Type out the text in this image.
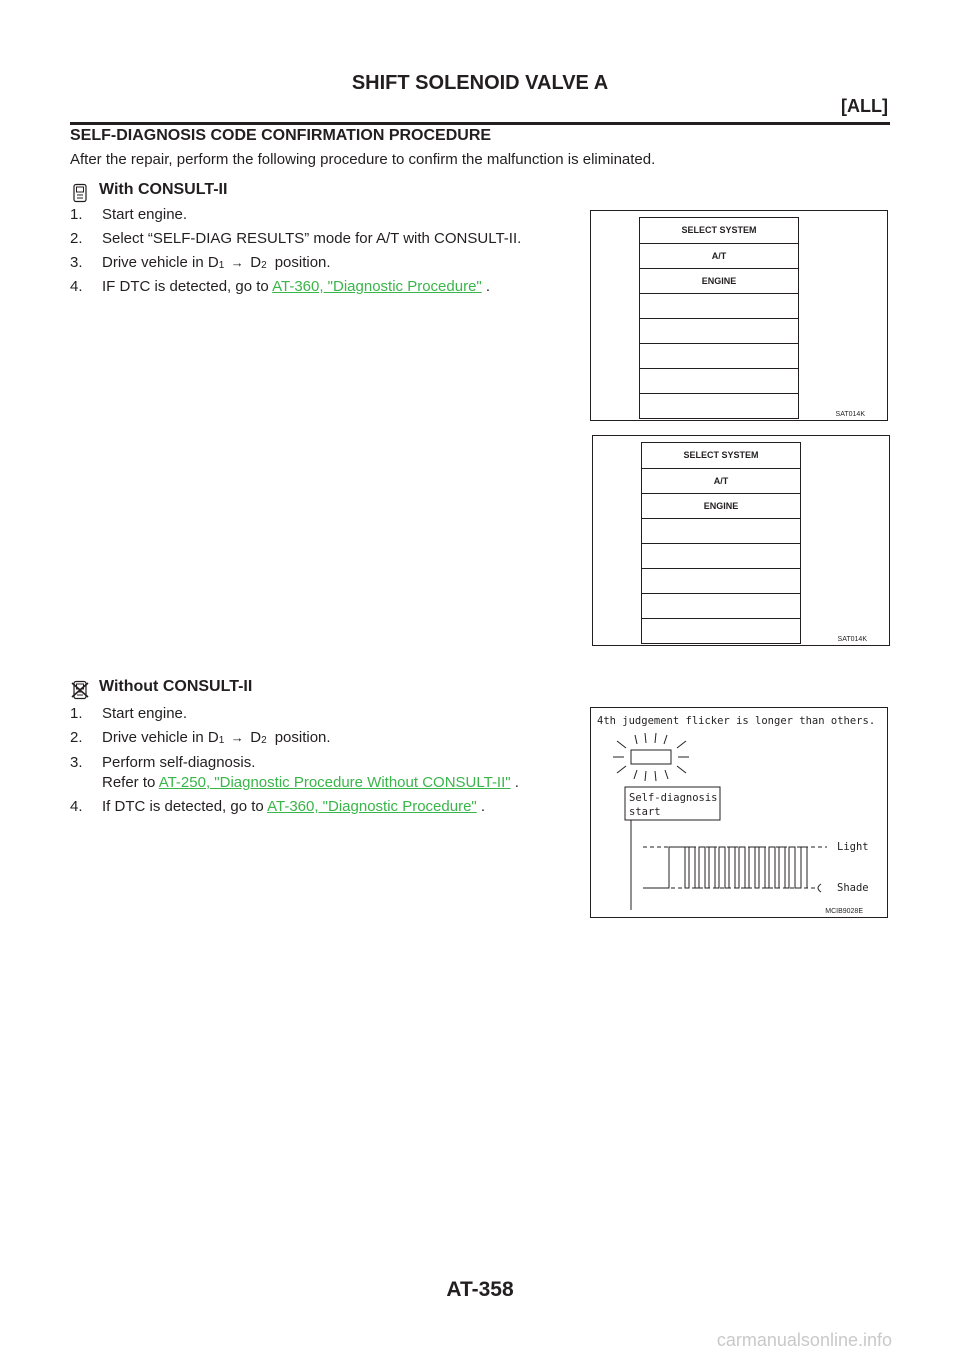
SHIFT SOLENOID VALVE A
[ALL]
SELF-DIAGNOSIS CODE CONFIRMATION PROCEDURE
After the repair, perform the following procedure to confirm the malfunction is eliminated.
With CONSULT-II
1. Start engine.
2. Select “SELF-DIAG RESULTS” mode for A/T with CONSULT-II.
3. Drive vehicle in $D_1 \to D_2$ position.
4. IF DTC is detected, go to AT-360, "Diagnostic Procedure" .
SELECT SYSTEM
A/T
ENGINE
SAT014K
SELECT SYSTEM
A/T
ENGINE
SAT014K
Without CONSULT-II
1. Start engine.
2. Drive vehicle in $D_1 \to D_2$ position.
3. Perform self-diagnosis.
Refer to AT-250, "Diagnostic Procedure Without CONSULT-II" .
4. If DTC is detected, go to AT-360, "Diagnostic Procedure" .
4th judgement flicker is longer than others.
Self-diagnosis
start
Light
Shade
MCIB9028E
AT-358
carmanualsonline.info
